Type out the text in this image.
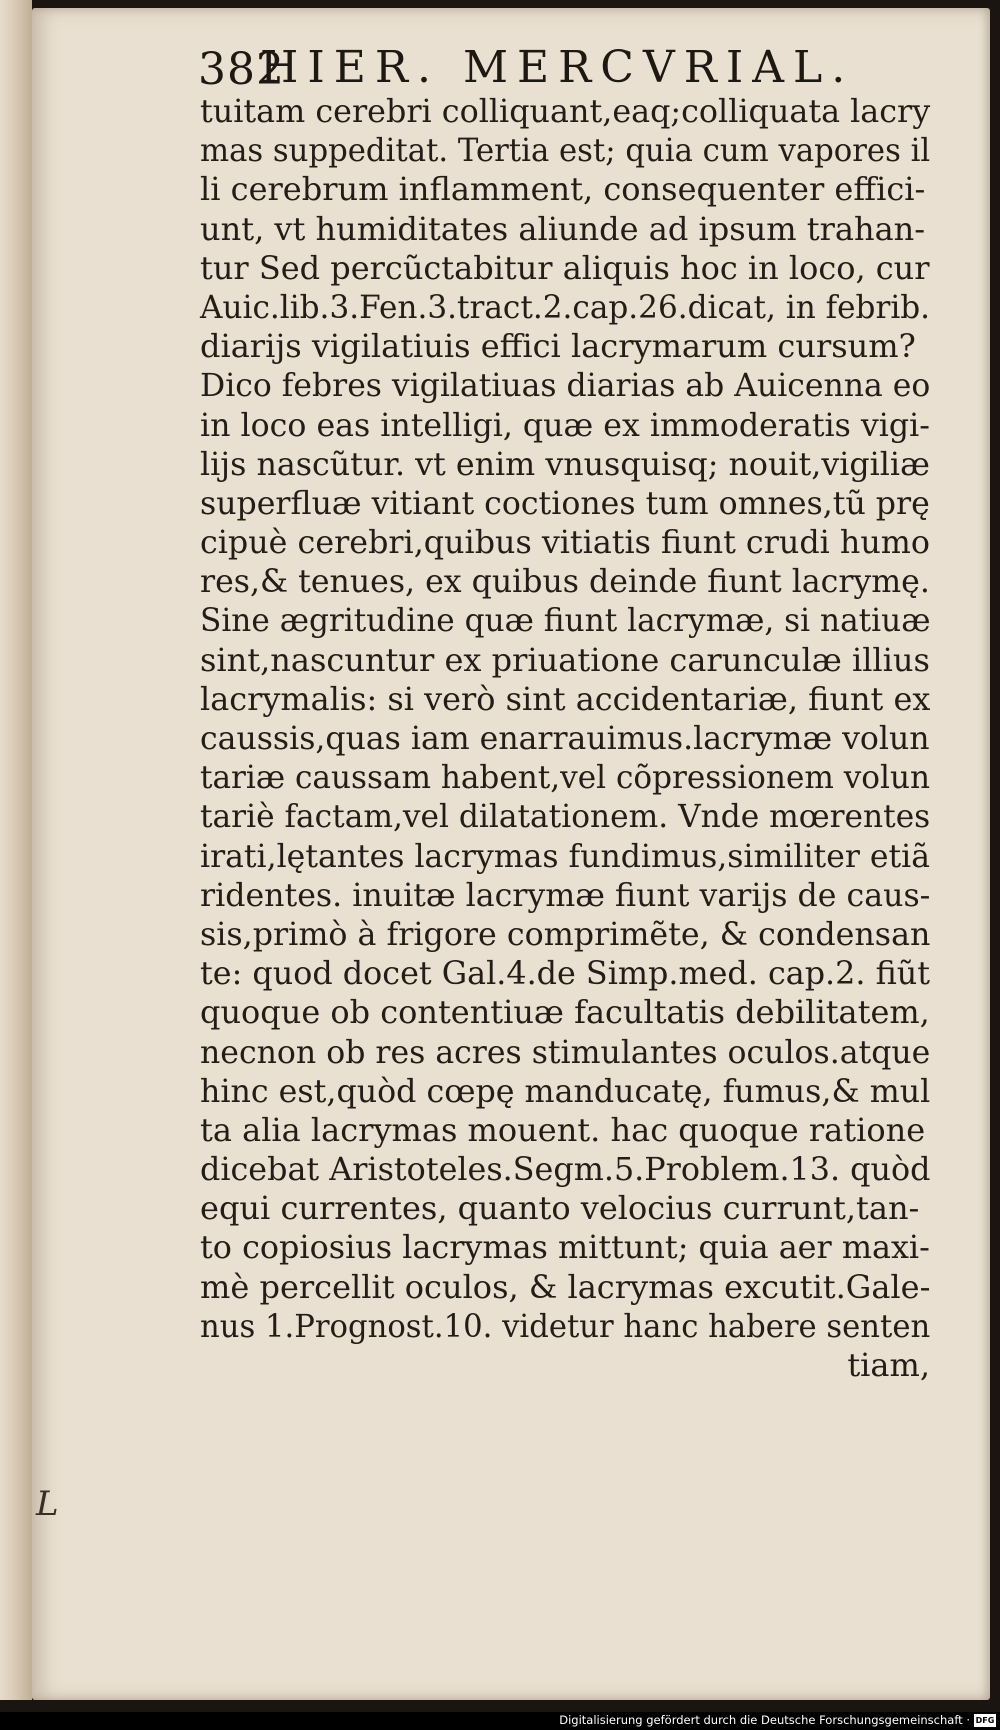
382
HIER. MERCVRIAL.
tuitam cerebri colliquant,eaq;colliquata lacry
mas suppeditat. Tertia est; quia cum vapores il
li cerebrum inflamment, consequenter effici-
unt, vt humiditates aliunde ad ipsum trahan-
tur Sed percũctabitur aliquis hoc in loco, cur
Auic.lib.3.Fen.3.tract.2.cap.26.dicat, in febrib.
diarijs vigilatiuis effici lacrymarum cursum?
Dico febres vigilatiuas diarias ab Auicenna eo
in loco eas intelligi, quæ ex immoderatis vigi-
lijs nascũtur. vt enim vnusquisq; nouit,vigiliæ
superfluæ vitiant coctiones tum omnes,tũ prę
cipuè cerebri,quibus vitiatis fiunt crudi humo
res,& tenues, ex quibus deinde fiunt lacrymę.
Sine ægritudine quæ fiunt lacrymæ, si natiuæ
sint,nascuntur ex priuatione carunculæ illius
lacrymalis: si verò sint accidentariæ, fiunt ex
caussis,quas iam enarrauimus.lacrymæ volun
tariæ caussam habent,vel cõpressionem volun
tariè factam,vel dilatationem. Vnde mœrentes
irati,lętantes lacrymas fundimus,similiter etiã
ridentes. inuitæ lacrymæ fiunt varijs de caus-
sis,primò à frigore comprimẽte, & condensan
te: quod docet Gal.4.de Simp.med. cap.2. fiũt
quoque ob contentiuæ facultatis debilitatem,
necnon ob res acres stimulantes oculos.atque
hinc est,quòd cœpę manducatę, fumus,& mul
ta alia lacrymas mouent. hac quoque ratione
dicebat Aristoteles.Segm.5.Problem.13. quòd
equi currentes, quanto velocius currunt,tan-
to copiosius lacrymas mittunt; quia aer maxi-
mè percellit oculos, & lacrymas excutit.Gale-
nus 1.Prognost.10. videtur hanc habere senten
tiam,
L
Digitalisierung gefördert durch die Deutsche Forschungsgemeinschaft · DFG
